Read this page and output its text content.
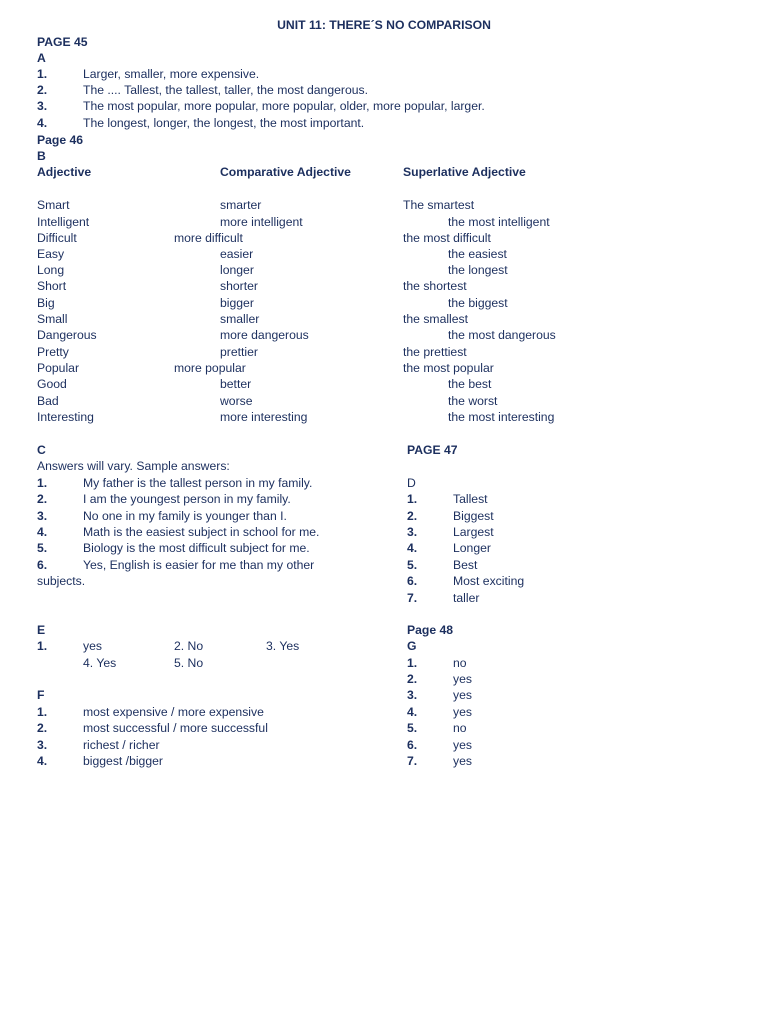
UNIT 11: THERE´S NO COMPARISON
PAGE 45
A
1.	Larger, smaller, more expensive.
2.	The .... Tallest, the tallest, taller, the most dangerous.
3.	The most popular, more popular, more popular, older, more popular, larger.
4.	The longest, longer, the longest, the most important.
Page 46
B
Adjective	Comparative Adjective	Superlative Adjective
Smart	smarter	The smartest
Intelligent	more intelligent	the most intelligent
Difficult	more difficult	the most difficult
Easy	easier	the easiest
Long	longer	the longest
Short	shorter	the shortest
Big	bigger	the biggest
Small	smaller	the smallest
Dangerous	more dangerous	the most dangerous
Pretty	prettier	the prettiest
Popular	more popular	the most popular
Good	better	the best
Bad	worse	the worst
Interesting	more interesting	the most interesting
C
Answers will vary. Sample answers:
1.	My father is the tallest person in my family.
2.	I am the youngest person in my family.
3.	No one in my family is younger than I.
4.	Math is the easiest subject in school for me.
5.	Biology is the most difficult subject for me.
6.	Yes, English is easier for me than my other
subjects.
PAGE 47
D
1.	Tallest
2.	Biggest
3.	Largest
4.	Longer
5.	Best
6.	Most exciting
7.	taller
E
1.	yes	2. No	3. Yes
4. Yes	5. No
F
1.	most expensive / more expensive
2.	most successful / more successful
3.	richest / richer
4.	biggest /bigger
Page 48
G
1.	no
2.	yes
3.	yes
4.	yes
5.	no
6.	yes
7.	yes
